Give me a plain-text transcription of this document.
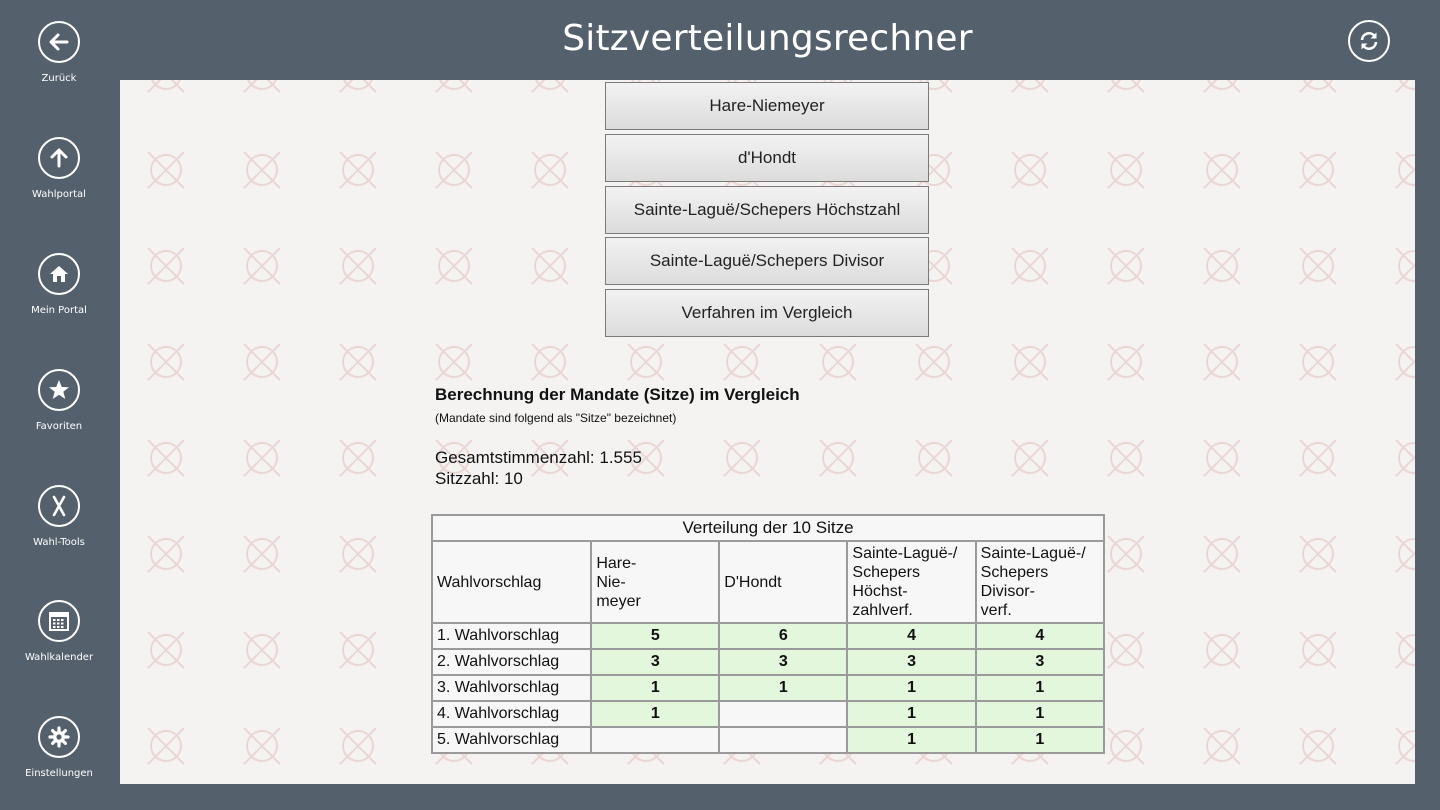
Zurück
Wahlportal
Mein Portal
Favoriten
Wahl-Tools
Wahlkalender
Einstellungen
Sitzverteilungsrechner
Hare-Niemeyer
d'Hondt
Sainte-Laguë/Schepers Höchstzahl
Sainte-Laguë/Schepers Divisor
Verfahren im Vergleich
Berechnung der Mandate (Sitze) im Vergleich
(Mandate sind folgend als "Sitze" bezeichnet)
Gesamtstimmenzahl: 1.555
Sitzzahl: 10
Verteilung der 10 Sitze				
Wahlvorschlag	Hare-
Nie-
meyer	D'Hondt	Sainte-Laguë-/
Schepers
Höchst-
zahlverf.	Sainte-Laguë-/
Schepers
Divisor-
verf.
1. Wahlvorschlag	5	6	4	4
2. Wahlvorschlag	3	3	3	3
3. Wahlvorschlag	1	1	1	1
4. Wahlvorschlag	1		1	1
5. Wahlvorschlag			1	1
